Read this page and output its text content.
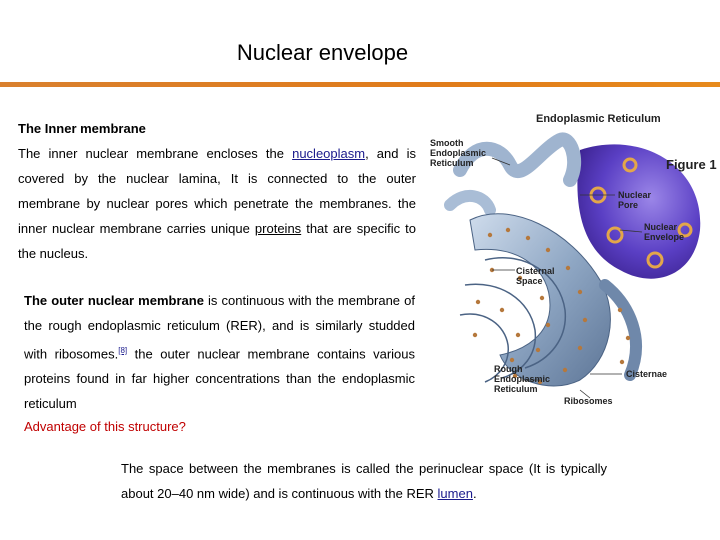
Nuclear envelope

The Inner membrane
The inner nuclear membrane encloses the nucleoplasm, and is covered by the nuclear lamina, It is connected to the outer membrane by nuclear pores which penetrate the membranes. the inner nuclear membrane carries unique proteins that are specific to the nucleus.

The outer nuclear membrane is continuous with the membrane of the rough endoplasmic reticulum (RER), and is similarly studded with ribosomes.[8] the outer nuclear membrane contains various proteins found in far higher concentrations than the endoplasmic reticulum

Advantage of this structure?

The space between the membranes is called the perinuclear space (It is typically about 20–40 nm wide) and is continuous with the RER lumen.

Endoplasmic Reticulum
Smooth
Endoplasmic
Reticulum	Figure 1
Nuclear
Pore
Nuclear
Envelope
Cisternal
Space
Rough
Endoplasmic
Reticulum
Cisternae
Ribosomes
